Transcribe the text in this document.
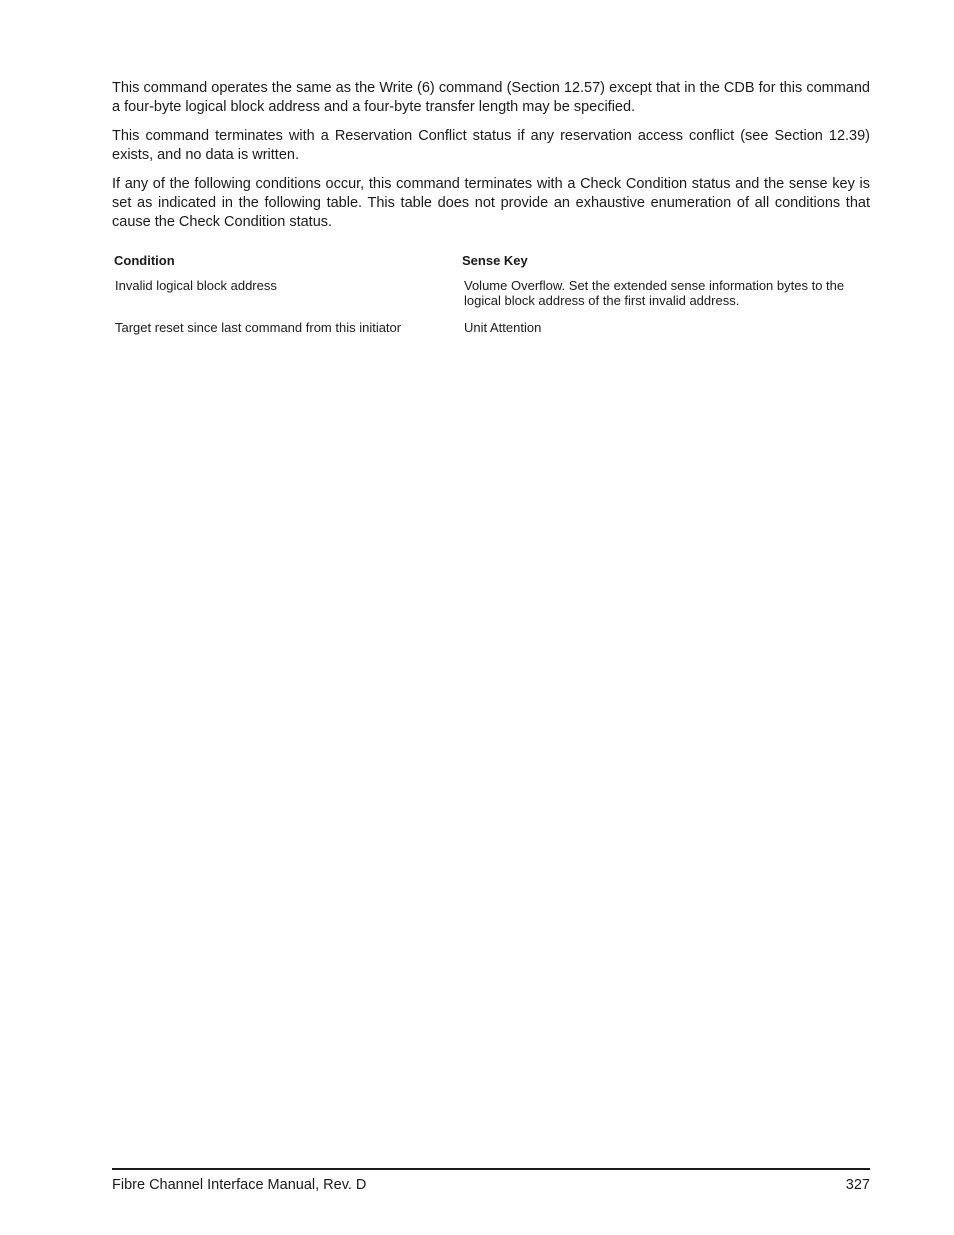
This command operates the same as the Write (6) command (Section 12.57) except that in the CDB for this command a four-byte logical block address and a four-byte transfer length may be specified.

This command terminates with a Reservation Conflict status if any reservation access conflict (see Section 12.39) exists, and no data is written.

If any of the following conditions occur, this command terminates with a Check Condition status and the sense key is set as indicated in the following table. This table does not provide an exhaustive enumeration of all conditions that cause the Check Condition status.

Condition	Sense Key
Invalid logical block address	Volume Overflow. Set the extended sense information bytes to the logical block address of the first invalid address.
Target reset since last command from this initiator	Unit Attention
Fibre Channel Interface Manual, Rev. D	327
